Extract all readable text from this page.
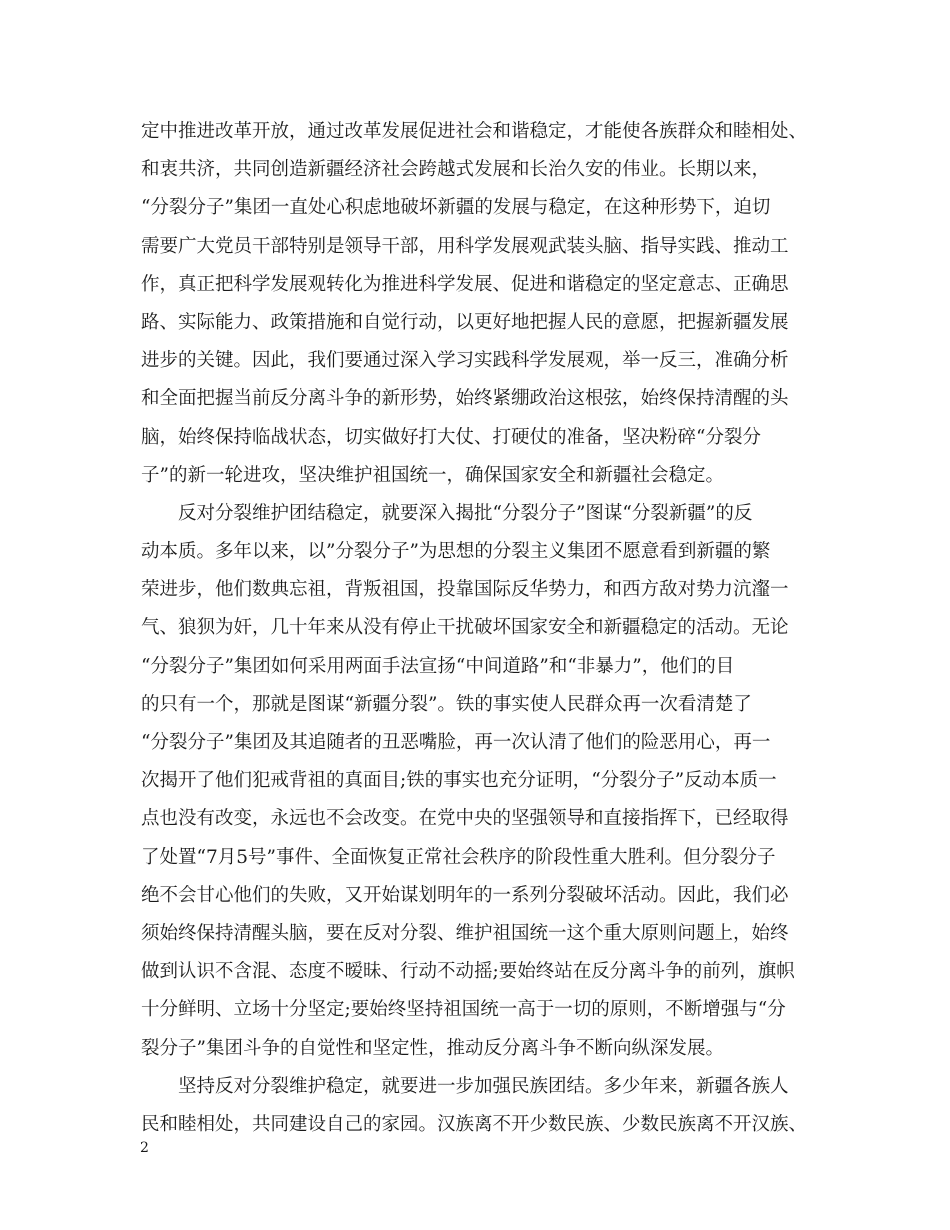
定中推进改革开放，通过改革发展促进社会和谐稳定，才能使各族群众和睦相处、
和衷共济，共同创造新疆经济社会跨越式发展和长治久安的伟业。长期以来，
“分裂分子”集团一直处心积虑地破坏新疆的发展与稳定，在这种形势下，迫切
需要广大党员干部特别是领导干部，用科学发展观武装头脑、指导实践、推动工
作，真正把科学发展观转化为推进科学发展、促进和谐稳定的坚定意志、正确思
路、实际能力、政策措施和自觉行动，以更好地把握人民的意愿，把握新疆发展
进步的关键。因此，我们要通过深入学习实践科学发展观，举一反三，准确分析
和全面把握当前反分离斗争的新形势，始终紧绷政治这根弦，始终保持清醒的头
脑，始终保持临战状态，切实做好打大仗、打硬仗的准备，坚决粉碎“分裂分
子”的新一轮进攻，坚决维护祖国统一，确保国家安全和新疆社会稳定。
反对分裂维护团结稳定，就要深入揭批“分裂分子”图谋“分裂新疆”的反
动本质。多年以来，以”分裂分子”为思想的分裂主义集团不愿意看到新疆的繁
荣进步，他们数典忘祖，背叛祖国，投靠国际反华势力，和西方敌对势力沆瀣一
气、狼狈为奸，几十年来从没有停止干扰破坏国家安全和新疆稳定的活动。无论
“分裂分子”集团如何采用两面手法宣扬“中间道路”和“非暴力”，他们的目
的只有一个，那就是图谋“新疆分裂”。铁的事实使人民群众再一次看清楚了
“分裂分子”集团及其追随者的丑恶嘴脸，再一次认清了他们的险恶用心，再一
次揭开了他们犯戒背祖的真面目;铁的事实也充分证明，“分裂分子”反动本质一
点也没有改变，永远也不会改变。在党中央的坚强领导和直接指挥下，已经取得
了处置“7月5号”事件、全面恢复正常社会秩序的阶段性重大胜利。但分裂分子
绝不会甘心他们的失败，又开始谋划明年的一系列分裂破坏活动。因此，我们必
须始终保持清醒头脑，要在反对分裂、维护祖国统一这个重大原则问题上，始终
做到认识不含混、态度不暧昧、行动不动摇;要始终站在反分离斗争的前列，旗帜
十分鲜明、立场十分坚定;要始终坚持祖国统一高于一切的原则，不断增强与“分
裂分子”集团斗争的自觉性和坚定性，推动反分离斗争不断向纵深发展。
坚持反对分裂维护稳定，就要进一步加强民族团结。多少年来，新疆各族人
民和睦相处，共同建设自己的家园。汉族离不开少数民族、少数民族离不开汉族、
2
